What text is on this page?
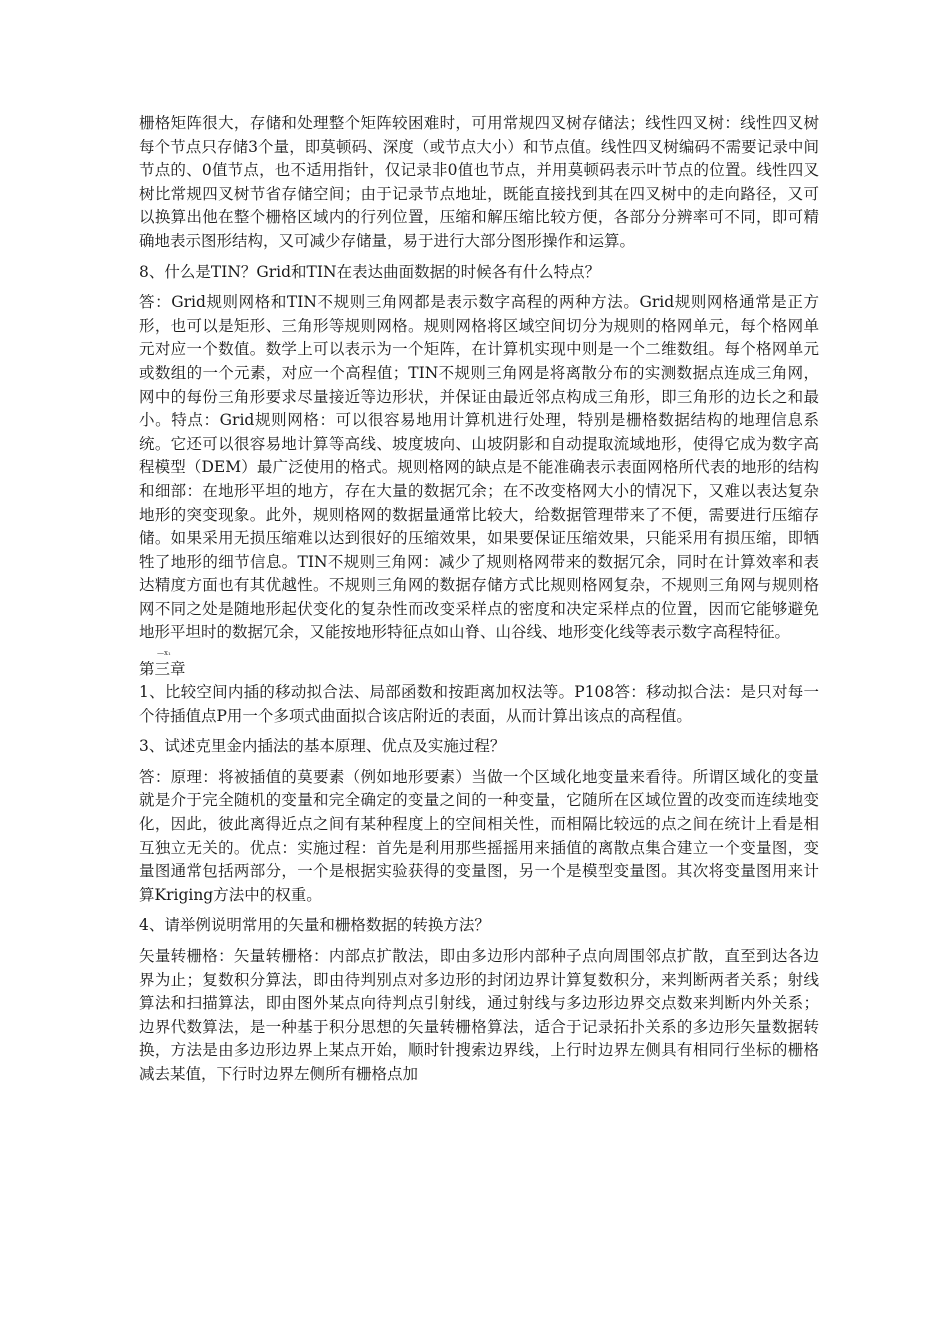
栅格矩阵很大，存储和处理整个矩阵较困难时，可用常规四叉树存储法；线性四叉树：线性四叉树每个节点只存储3个量，即莫顿码、深度（或节点大小）和节点值。线性四叉树编码不需要记录中间节点的、0值节点，也不适用指针，仅记录非0值也节点，并用莫顿码表示叶节点的位置。线性四叉树比常规四叉树节省存储空间；由于记录节点地址，既能直接找到其在四叉树中的走向路径，又可以换算出他在整个栅格区域内的行列位置，压缩和解压缩比较方便，各部分分辨率可不同，即可精确地表示图形结构，又可减少存储量，易于进行大部分图形操作和运算。

8、什么是TIN？Grid和TIN在表达曲面数据的时候各有什么特点？

答：Grid规则网格和TIN不规则三角网都是表示数字高程的两种方法。Grid规则网格通常是正方形，也可以是矩形、三角形等规则网格。规则网格将区域空间切分为规则的格网单元，每个格网单元对应一个数值。数学上可以表示为一个矩阵，在计算机实现中则是一个二维数组。每个格网单元或数组的一个元素，对应一个高程值；TIN不规则三角网是将离散分布的实测数据点连成三角网，网中的每份三角形要求尽量接近等边形状，并保证由最近邻点构成三角形，即三角形的边长之和最小。特点：Grid规则网格：可以很容易地用计算机进行处理，特别是栅格数据结构的地理信息系统。它还可以很容易地计算等高线、坡度坡向、山坡阴影和自动提取流域地形，使得它成为数字高程模型（DEM）最广泛使用的格式。规则格网的缺点是不能准确表示表面网格所代表的地形的结构和细部：在地形平坦的地方，存在大量的数据冗余；在不改变格网大小的情况下，又难以表达复杂地形的突变现象。此外，规则格网的数据量通常比较大，给数据管理带来了不便，需要进行压缩存储。如果采用无损压缩难以达到很好的压缩效果，如果要保证压缩效果，只能采用有损压缩，即牺牲了地形的细节信息。TIN不规则三角网：减少了规则格网带来的数据冗余，同时在计算效率和表达精度方面也有其优越性。不规则三角网的数据存储方式比规则格网复杂，不规则三角网与规则格网不同之处是随地形起伏变化的复杂性而改变采样点的密度和决定采样点的位置，因而它能够避免地形平坦时的数据冗余，又能按地形特征点如山脊、山谷线、地形变化线等表示数字高程特征。

—x₁

第三章

1、比较空间内插的移动拟合法、局部函数和按距离加权法等。P108答：移动拟合法：是只对每一个待插值点P用一个多项式曲面拟合该店附近的表面，从而计算出该点的高程值。

3、试述克里金内插法的基本原理、优点及实施过程？

答：原理：将被插值的莫要素（例如地形要素）当做一个区域化地变量来看待。所谓区域化的变量就是介于完全随机的变量和完全确定的变量之间的一种变量，它随所在区域位置的改变而连续地变化，因此，彼此离得近点之间有某种程度上的空间相关性，而相隔比较远的点之间在统计上看是相互独立无关的。优点：实施过程：首先是利用那些摇摇用来插值的离散点集合建立一个变量图，变量图通常包括两部分，一个是根据实验获得的变量图，另一个是模型变量图。其次将变量图用来计算Kriging方法中的权重。

4、请举例说明常用的矢量和栅格数据的转换方法？

矢量转栅格：矢量转栅格：内部点扩散法，即由多边形内部种子点向周围邻点扩散，直至到达各边界为止；复数积分算法，即由待判别点对多边形的封闭边界计算复数积分，来判断两者关系；射线算法和扫描算法，即由图外某点向待判点引射线，通过射线与多边形边界交点数来判断内外关系；边界代数算法，是一种基于积分思想的矢量转栅格算法，适合于记录拓扑关系的多边形矢量数据转换，方法是由多边形边界上某点开始，顺时针搜索边界线，上行时边界左侧具有相同行坐标的栅格减去某值，下行时边界左侧所有栅格点加
